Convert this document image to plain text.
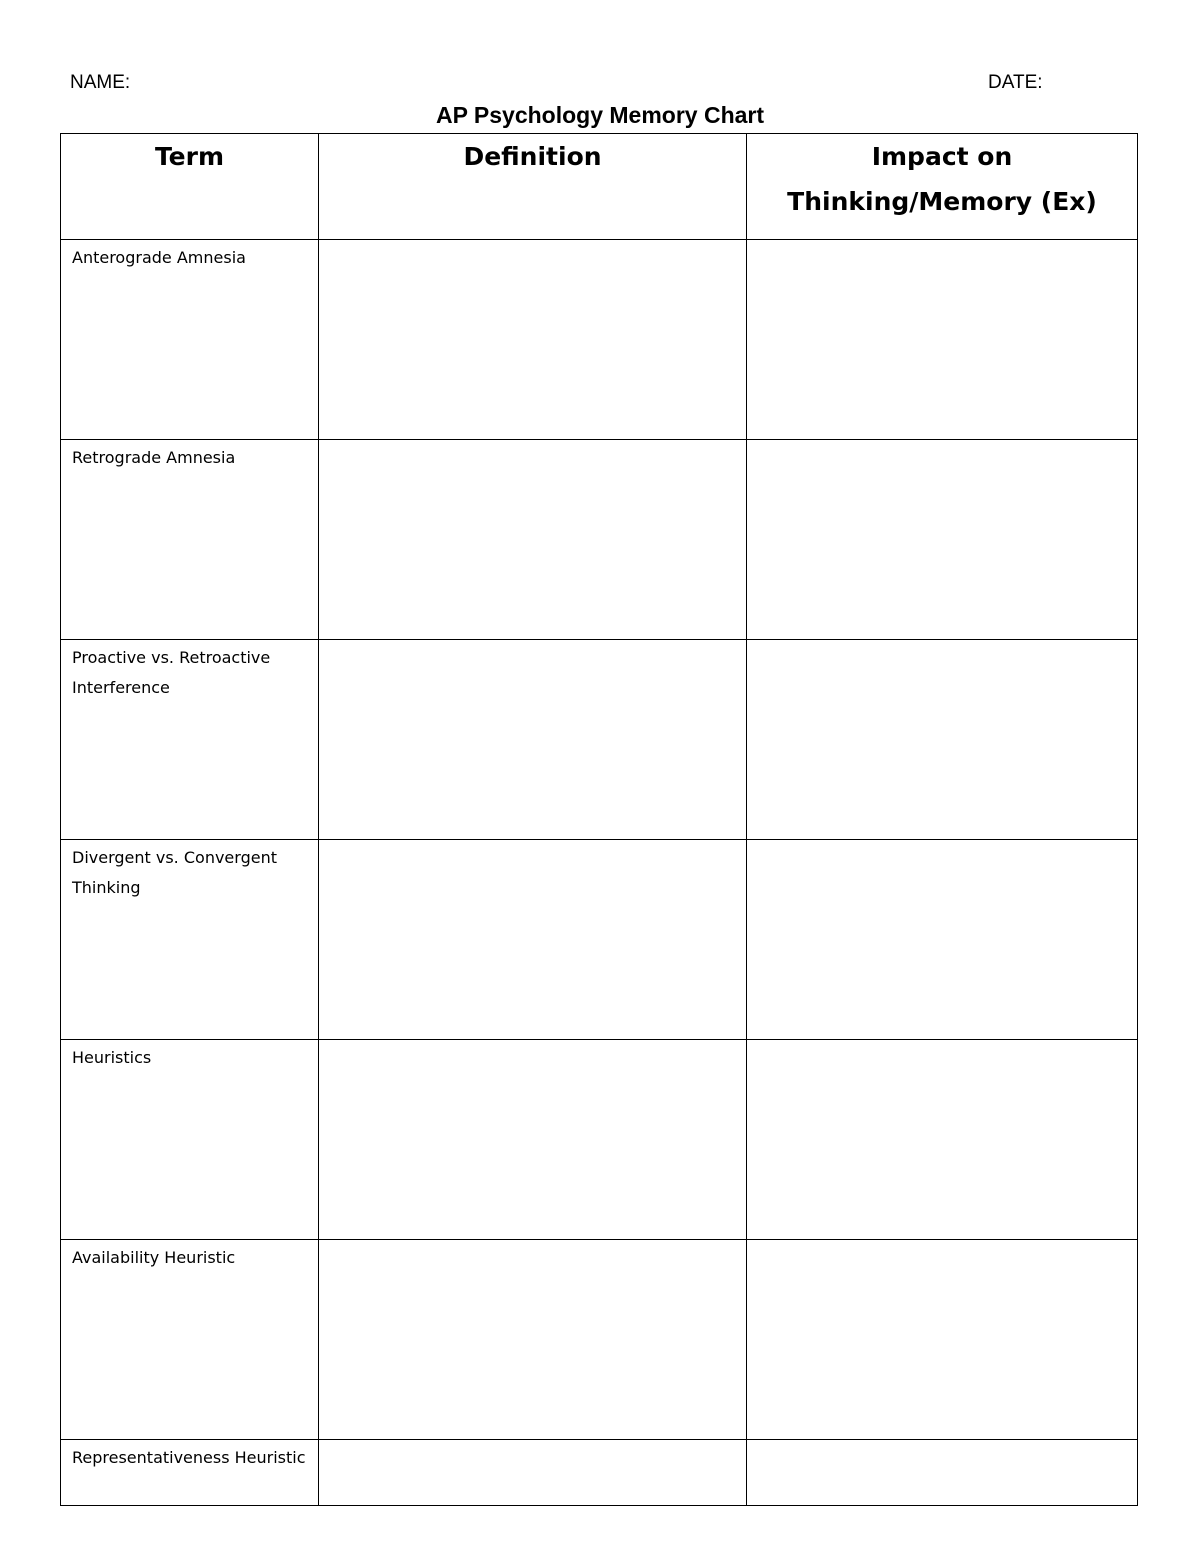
NAME:	DATE:
AP Psychology Memory Chart
Term	Definition	Impact on Thinking/Memory (Ex)

Anterograde Amnesia		

Retrograde Amnesia		

Proactive vs. Retroactive Interference		

Divergent vs. Convergent Thinking		

Heuristics		

Availability Heuristic		

Representativeness Heuristic		
